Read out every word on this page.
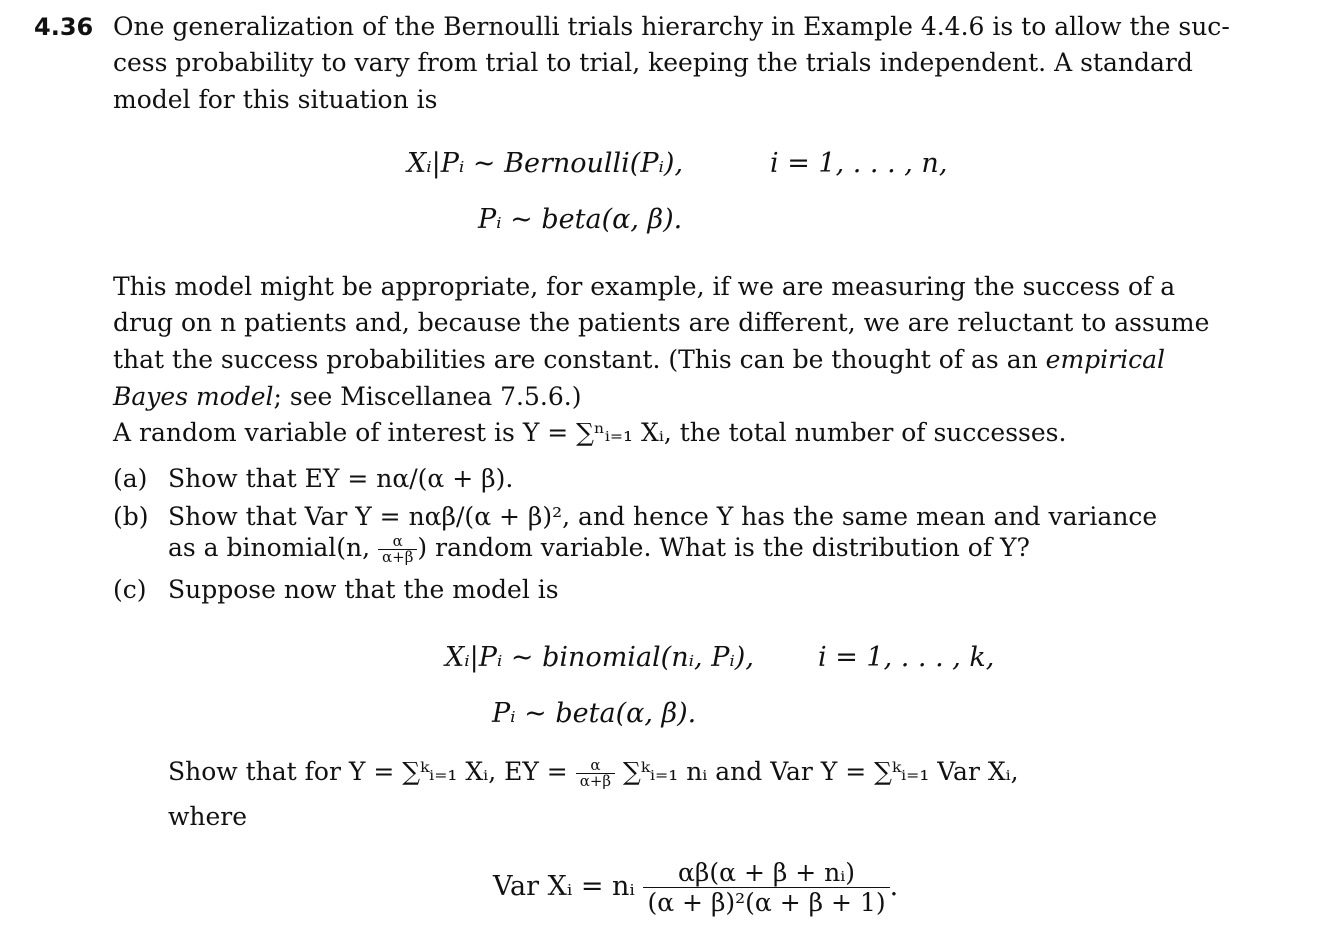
4.36 One generalization of the Bernoulli trials hierarchy in Example 4.4.6 is to allow the suc-
cess probability to vary from trial to trial, keeping the trials independent. A standard
model for this situation is
Xᵢ|Pᵢ ~ Bernoulli(Pᵢ),	i = 1, . . . , n,
Pᵢ ~ beta(α, β).
This model might be appropriate, for example, if we are measuring the success of a
drug on n patients and, because the patients are different, we are reluctant to assume
that the success probabilities are constant. (This can be thought of as an empirical
Bayes model; see Miscellanea 7.5.6.)
A random variable of interest is Y = ∑ⁿᵢ₌₁ Xᵢ, the total number of successes.
(a) Show that EY = nα/(α + β).
(b) Show that Var Y = nαβ/(α + β)², and hence Y has the same mean and variance
as a binomial(n, $\frac{\alpha}{\alpha+\beta}$ ) random variable. What is the distribution of Y?
(c) Suppose now that the model is
Xᵢ|Pᵢ ~ binomial(nᵢ, Pᵢ), i = 1, . . . , k,
Pᵢ ~ beta(α, β).
Show that for Y = ∑ᵏᵢ₌₁ Xᵢ, EY = $\frac{\alpha}{\alpha+\beta}$ ∑ᵏᵢ₌₁ nᵢ and Var Y = ∑ᵏᵢ₌₁ Var Xᵢ,
where
Var Xᵢ = nᵢ $\frac{\text{αβ(α + β + nᵢ)}}{\text{(α + β)²(α + β + 1)}}$ .
